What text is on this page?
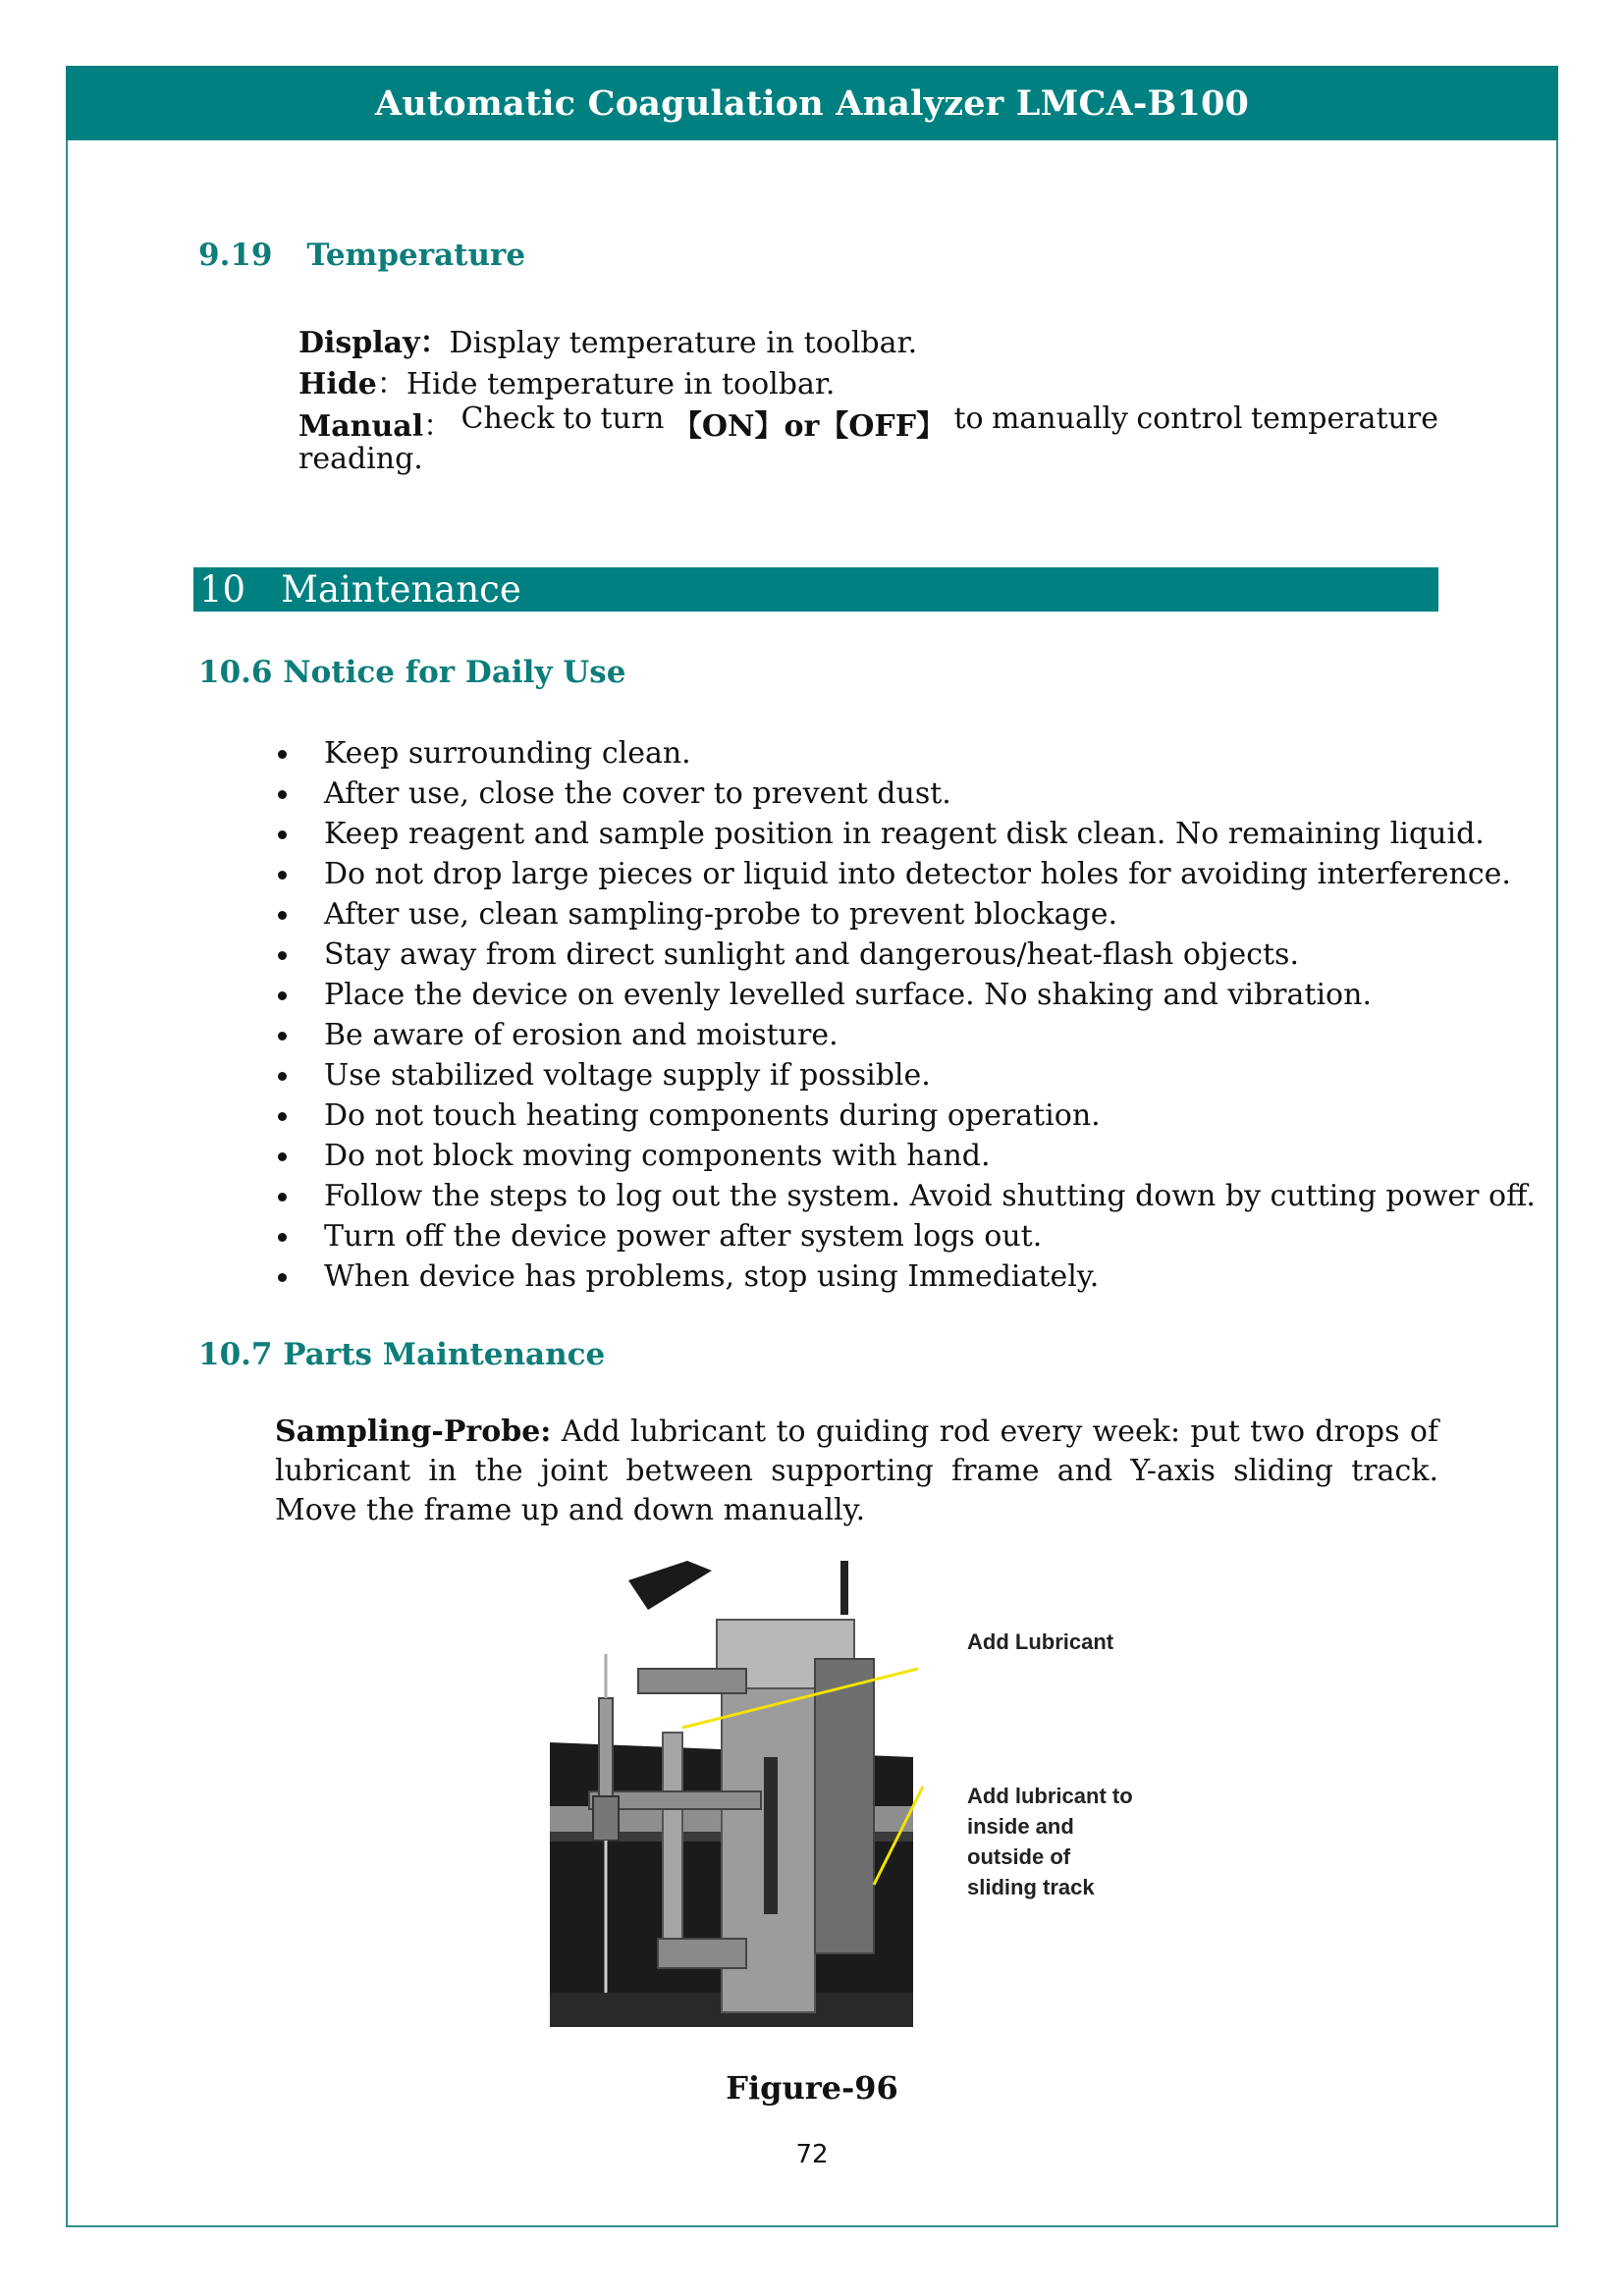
Automatic Coagulation Analyzer LMCA-B100
9.19 Temperature
Display：Display temperature in toolbar.
Hide：Hide temperature in toolbar.
Manual： Check to turn 【ON】or【OFF】 to manually control temperature
reading.
10 Maintenance
10.6 Notice for Daily Use
Keep surrounding clean.
After use, close the cover to prevent dust.
Keep reagent and sample position in reagent disk clean. No remaining liquid.
Do not drop large pieces or liquid into detector holes for avoiding interference.
After use, clean sampling-probe to prevent blockage.
Stay away from direct sunlight and dangerous/heat-flash objects.
Place the device on evenly levelled surface. No shaking and vibration.
Be aware of erosion and moisture.
Use stabilized voltage supply if possible.
Do not touch heating components during operation.
Do not block moving components with hand.
Follow the steps to log out the system. Avoid shutting down by cutting power off.
Turn off the device power after system logs out.
When device has problems, stop using Immediately.
10.7 Parts Maintenance
Sampling-Probe: Add lubricant to guiding rod every week: put two drops of lubricant in the joint between supporting frame and Y-axis sliding track. Move the frame up and down manually.
Add Lubricant
Add lubricant to
inside and
outside of
sliding track
Figure-96
72
